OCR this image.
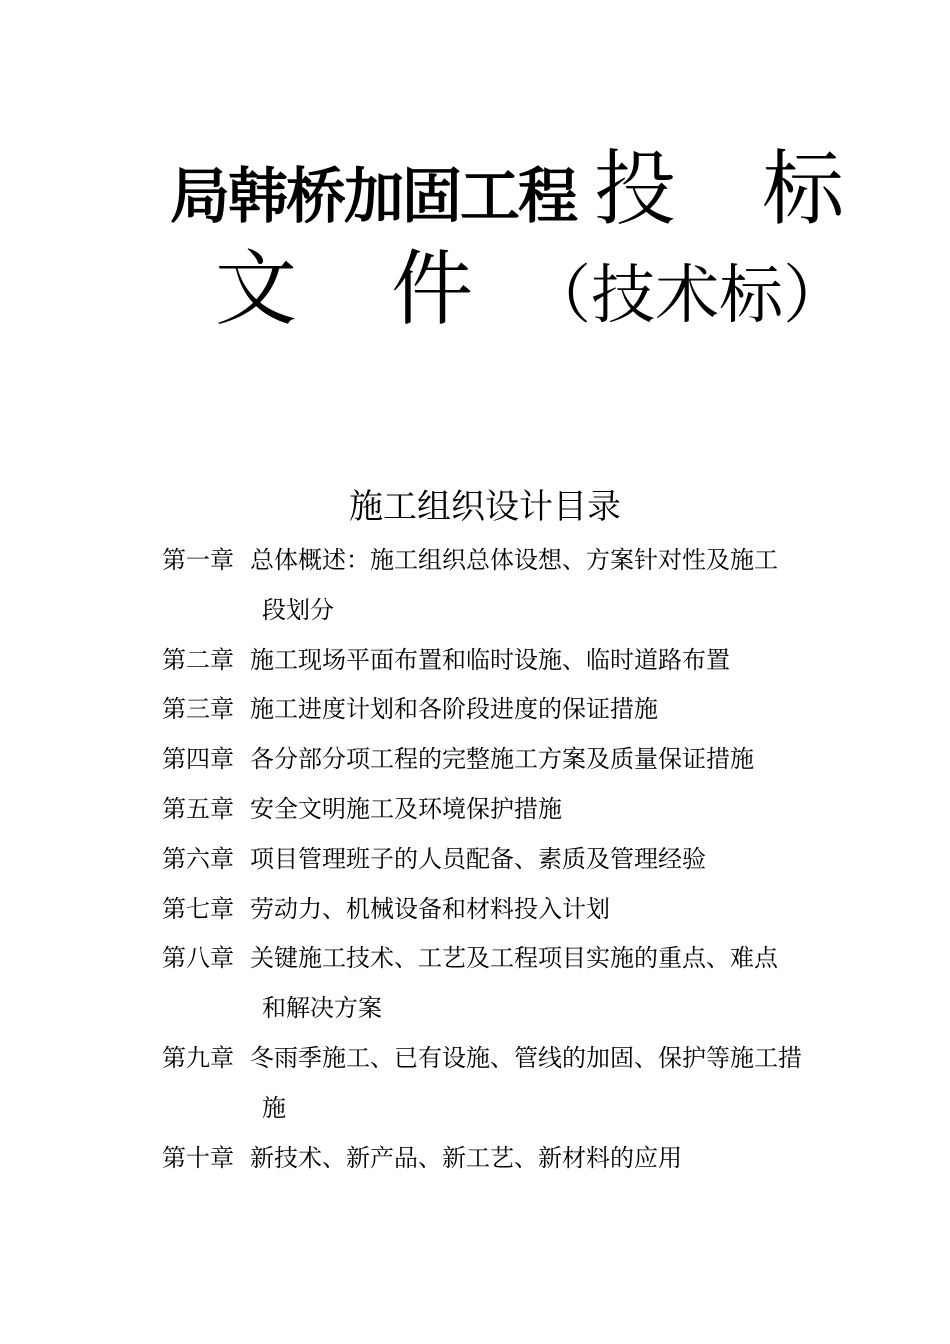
局韩桥加固工程 投 标
文 件 （技术标）
施工组织设计目录
第一章 总体概述：施工组织总体设想、方案针对性及施工
段划分
第二章 施工现场平面布置和临时设施、临时道路布置
第三章 施工进度计划和各阶段进度的保证措施
第四章 各分部分项工程的完整施工方案及质量保证措施
第五章 安全文明施工及环境保护措施
第六章 项目管理班子的人员配备、素质及管理经验
第七章 劳动力、机械设备和材料投入计划
第八章 关键施工技术、工艺及工程项目实施的重点、难点
和解决方案
第九章 冬雨季施工、已有设施、管线的加固、保护等施工措
施
第十章 新技术、新产品、新工艺、新材料的应用
